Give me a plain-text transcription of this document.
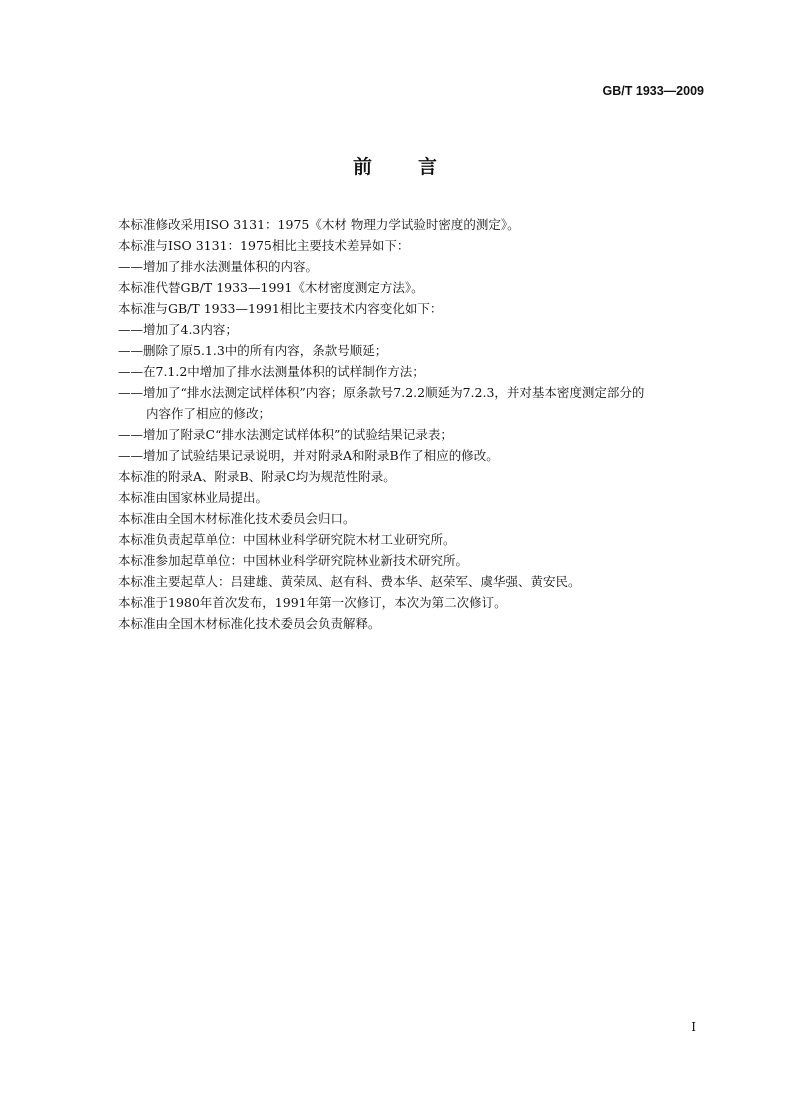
GB/T 1933—2009
前 言
本标准修改采用ISO 3131：1975《木材 物理力学试验时密度的测定》。
本标准与ISO 3131：1975相比主要技术差异如下：
——增加了排水法测量体积的内容。
本标准代替GB/T 1933—1991《木材密度测定方法》。
本标准与GB/T 1933—1991相比主要技术内容变化如下：
——增加了4.3内容；
——删除了原5.1.3中的所有内容，条款号顺延；
——在7.1.2中增加了排水法测量体积的试样制作方法；
——增加了“排水法测定试样体积”内容；原条款号7.2.2顺延为7.2.3，并对基本密度测定部分的
内容作了相应的修改；
——增加了附录C“排水法测定试样体积”的试验结果记录表；
——增加了试验结果记录说明，并对附录A和附录B作了相应的修改。
本标准的附录A、附录B、附录C均为规范性附录。
本标准由国家林业局提出。
本标准由全国木材标准化技术委员会归口。
本标准负责起草单位：中国林业科学研究院木材工业研究所。
本标准参加起草单位：中国林业科学研究院林业新技术研究所。
本标准主要起草人：吕建雄、黄荣凤、赵有科、费本华、赵荣军、虞华强、黄安民。
本标准于1980年首次发布，1991年第一次修订，本次为第二次修订。
本标准由全国木材标准化技术委员会负责解释。
I
